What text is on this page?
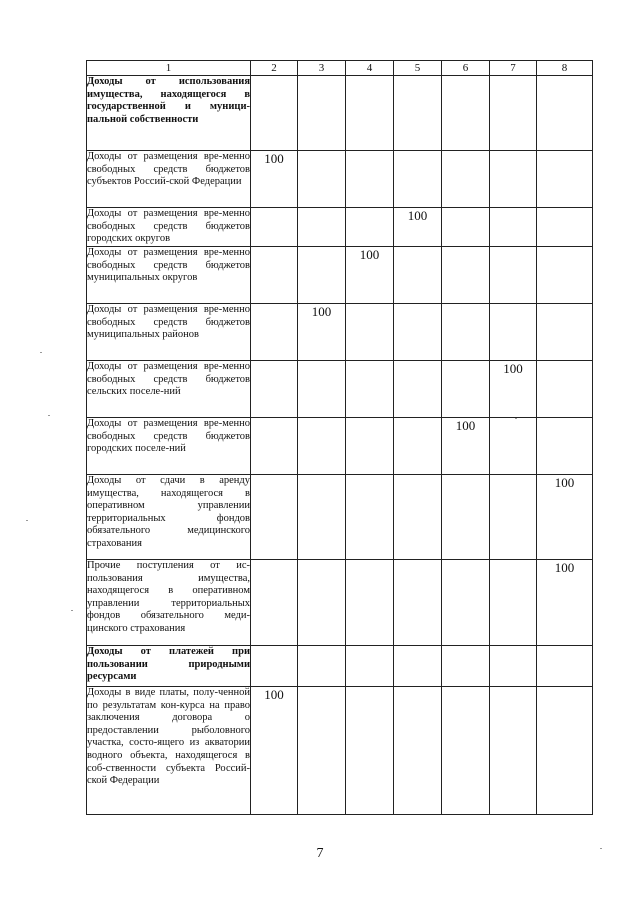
1	2	3	4	5	6	7	8
Доходы от использования имущества, находящегося в государственной и муници-пальной собственности							
Доходы от размещения вре-менно свободных средств бюджетов субъектов Россий-ской Федерации	100						
Доходы от размещения вре-менно свободных средств бюджетов городских округов				100			
Доходы от размещения вре-менно свободных средств бюджетов муниципальных округов			100				
Доходы от размещения вре-менно свободных средств бюджетов муниципальных районов		100					
Доходы от размещения вре-менно свободных средств бюджетов сельских поселе-ний						100	
Доходы от размещения вре-менно свободных средств бюджетов городских поселе-ний					100		
Доходы от сдачи в аренду имущества, находящегося в оперативном управлении территориальных фондов обязательного медицинского страхования							100
Прочие поступления от ис-пользования имущества, находящегося в оперативном управлении территориальных фондов обязательного меди-цинского страхования							100
Доходы от платежей при пользовании природными ресурсами							
Доходы в виде платы, полу-ченной по результатам кон-курса на право заключения договора о предоставлении рыболовного участка, состо-ящего из акватории водного объекта, находящегося в соб-ственности субъекта Россий-ской Федерации	100						
7
